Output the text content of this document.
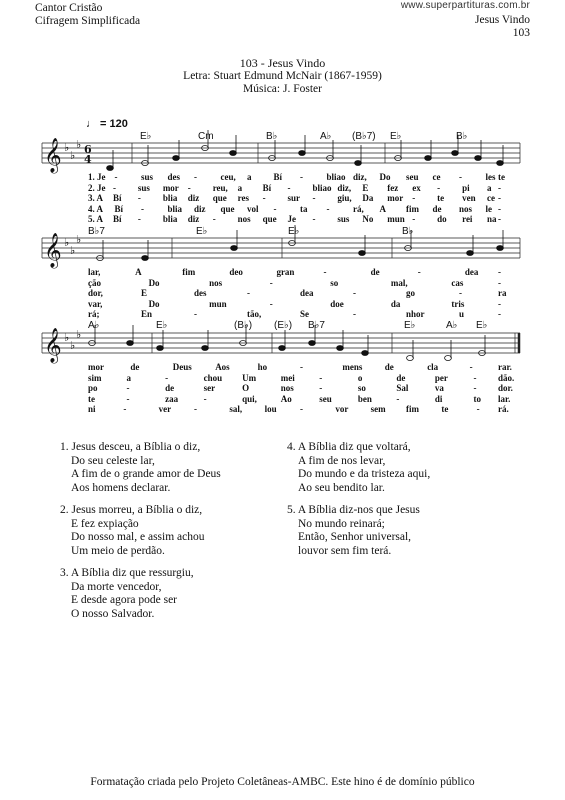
Cantor Cristão
Cifragem Simplificada
www.superpartituras.com.br
Jesus Vindo
103
103 - Jesus Vindo
Letra: Stuart Edmund McNair (1867-1959)
Música: J. Foster
♩ = 120
𝄞
𝄞
𝄞
♭
♭
♭
♭
♭
♭
♭
♭
♭
6
4
E♭	Cm	B♭	A♭ (B♭7) E♭	B♭
B♭7	E♭	E♭	B♭
A♭	E♭	(B♭) (E♭) B♭7	E♭	A♭ E♭
1. Je -	sus des -	ceu, a Bí -	bliao diz, Do seu ce -	les te
2. Je - sus mor - reu, a Bí - bliao diz, E fez ex - pi a -
3. A Bí - blia diz que res - sur - giu, Da mor - te ven ce -
4. A Bí -	blia diz que vol -	ta -	rá, A fim de nos le -
5. A Bí - blia diz - nos que Je - sus No mun - do rei na -
lar,	A	fim	deo	gran	-	de	-	dea -
ção	Do	nos	-	so	mal,	cas	-
dor,	E	des	-	deа	-	go	-	ra
var,	Do	mun	-	doe	da	tris	-
rá;	En	-	tão,	Se	-	nhor	u	-
mor	de	Deus	Aos	ho	-	mens de	cla	-	rar.
sim	a	-	chou Um	mei	-	o	de	per	- dão.
po	-	de	ser	O	nos	-	so	Sal	va	- dor.
te	-	zaa	-	qui,	Ao	seu	ben	-	di	to lar.
ni	-	ver	-	sal,	lou	-	vor sem fim te	- rá.
1. Jesus desceu, a Bíblia o diz,
Do seu celeste lar,
A fim de o grande amor de Deus
Aos homens declarar.
2. Jesus morreu, a Bíblia o diz,
E fez expiação
Do nosso mal, e assim achou
Um meio de perdão.
3. A Bíblia diz que ressurgiu,
Da morte vencedor,
E desde agora pode ser
O nosso Salvador.
4. A Bíblia diz que voltará,
A fim de nos levar,
Do mundo e da tristeza aqui,
Ao seu bendito lar.
5. A Bíblia diz-nos que Jesus
No mundo reinará;
Então, Senhor universal,
louvor sem fim terá.
Formatação criada pelo Projeto Coletâneas-AMBC. Este hino é de domínio público
